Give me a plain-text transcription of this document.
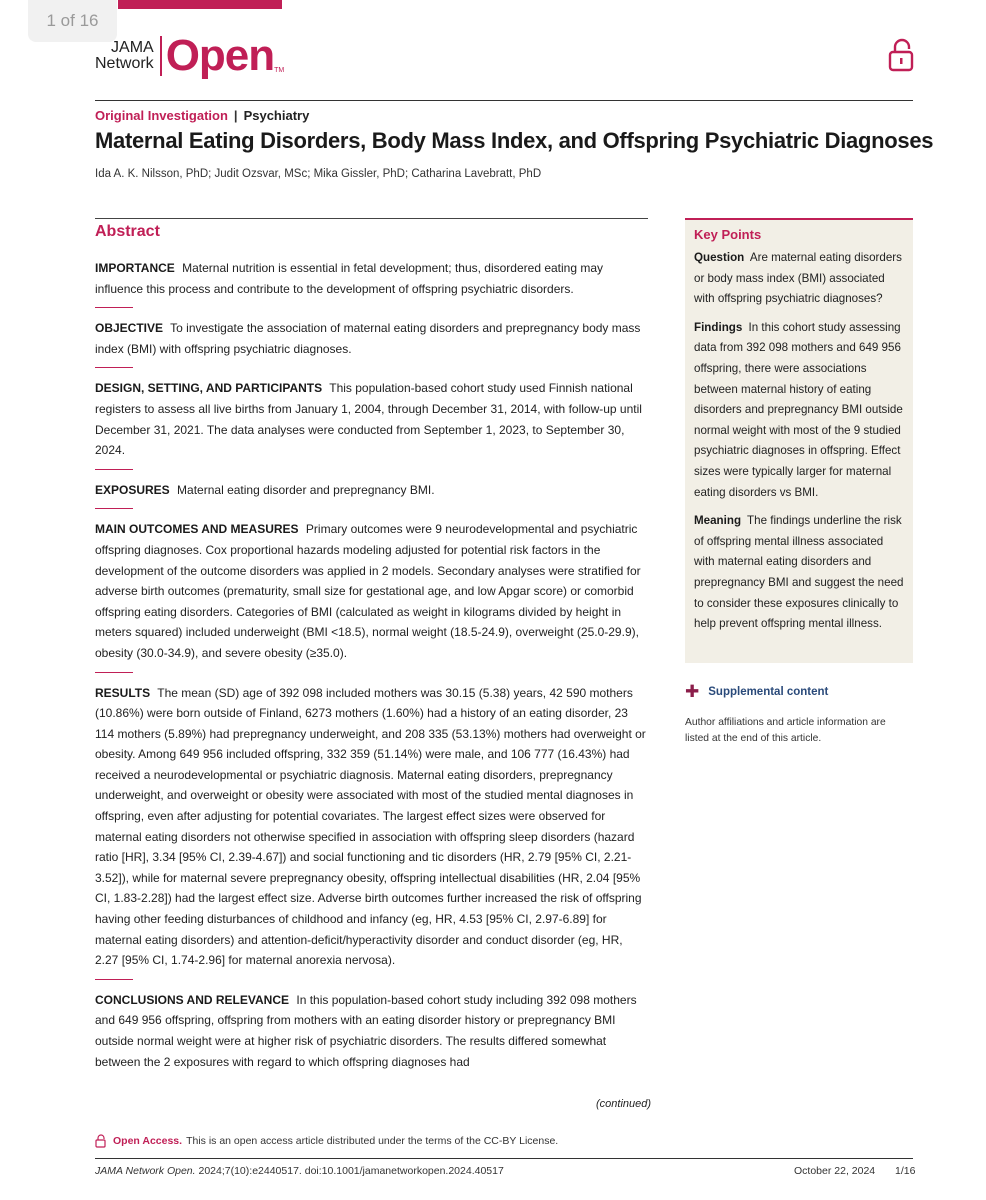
1 of 16
JAMA
Network Open TM
Original Investigation | Psychiatry
Maternal Eating Disorders, Body Mass Index, and Offspring Psychiatric Diagnoses
Ida A. K. Nilsson, PhD; Judit Ozsvar, MSc; Mika Gissler, PhD; Catharina Lavebratt, PhD
Abstract

IMPORTANCE Maternal nutrition is essential in fetal development; thus, disordered eating may influence this process and contribute to the development of offspring psychiatric disorders.

OBJECTIVE To investigate the association of maternal eating disorders and prepregnancy body mass index (BMI) with offspring psychiatric diagnoses.

DESIGN, SETTING, AND PARTICIPANTS This population-based cohort study used Finnish national registers to assess all live births from January 1, 2004, through December 31, 2014, with follow-up until December 31, 2021. The data analyses were conducted from September 1, 2023, to September 30, 2024.

EXPOSURES Maternal eating disorder and prepregnancy BMI.

MAIN OUTCOMES AND MEASURES Primary outcomes were 9 neurodevelopmental and psychiatric offspring diagnoses. Cox proportional hazards modeling adjusted for potential risk factors in the development of the outcome disorders was applied in 2 models. Secondary analyses were stratified for adverse birth outcomes (prematurity, small size for gestational age, and low Apgar score) or comorbid offspring eating disorders. Categories of BMI (calculated as weight in kilograms divided by height in meters squared) included underweight (BMI <18.5), normal weight (18.5-24.9), overweight (25.0-29.9), obesity (30.0-34.9), and severe obesity (≥35.0).

RESULTS The mean (SD) age of 392 098 included mothers was 30.15 (5.38) years, 42 590 mothers (10.86%) were born outside of Finland, 6273 mothers (1.60%) had a history of an eating disorder, 23 114 mothers (5.89%) had prepregnancy underweight, and 208 335 (53.13%) mothers had overweight or obesity. Among 649 956 included offspring, 332 359 (51.14%) were male, and 106 777 (16.43%) had received a neurodevelopmental or psychiatric diagnosis. Maternal eating disorders, prepregnancy underweight, and overweight or obesity were associated with most of the studied mental diagnoses in offspring, even after adjusting for potential covariates. The largest effect sizes were observed for maternal eating disorders not otherwise specified in association with offspring sleep disorders (hazard ratio [HR], 3.34 [95% CI, 2.39-4.67]) and social functioning and tic disorders (HR, 2.79 [95% CI, 2.21-3.52]), while for maternal severe prepregnancy obesity, offspring intellectual disabilities (HR, 2.04 [95% CI, 1.83-2.28]) had the largest effect size. Adverse birth outcomes further increased the risk of offspring having other feeding disturbances of childhood and infancy (eg, HR, 4.53 [95% CI, 2.97-6.89] for maternal eating disorders) and attention-deficit/hyperactivity disorder and conduct disorder (eg, HR, 2.27 [95% CI, 1.74-2.96] for maternal anorexia nervosa).

CONCLUSIONS AND RELEVANCE In this population-based cohort study including 392 098 mothers and 649 956 offspring, offspring from mothers with an eating disorder history or prepregnancy BMI outside normal weight were at higher risk of psychiatric disorders. The results differed somewhat between the 2 exposures with regard to which offspring diagnoses had

(continued)
Key Points

Question Are maternal eating disorders or body mass index (BMI) associated with offspring psychiatric diagnoses?

Findings In this cohort study assessing data from 392 098 mothers and 649 956 offspring, there were associations between maternal history of eating disorders and prepregnancy BMI outside normal weight with most of the 9 studied psychiatric diagnoses in offspring. Effect sizes were typically larger for maternal eating disorders vs BMI.

Meaning The findings underline the risk of offspring mental illness associated with maternal eating disorders and prepregnancy BMI and suggest the need to consider these exposures clinically to help prevent offspring mental illness.

✚ Supplemental content
Author affiliations and article information are listed at the end of this article.
Open Access. This is an open access article distributed under the terms of the CC-BY License.
JAMA Network Open. 2024;7(10):e2440517. doi:10.1001/jamanetworkopen.2024.40517	October 22, 2024 1/16
